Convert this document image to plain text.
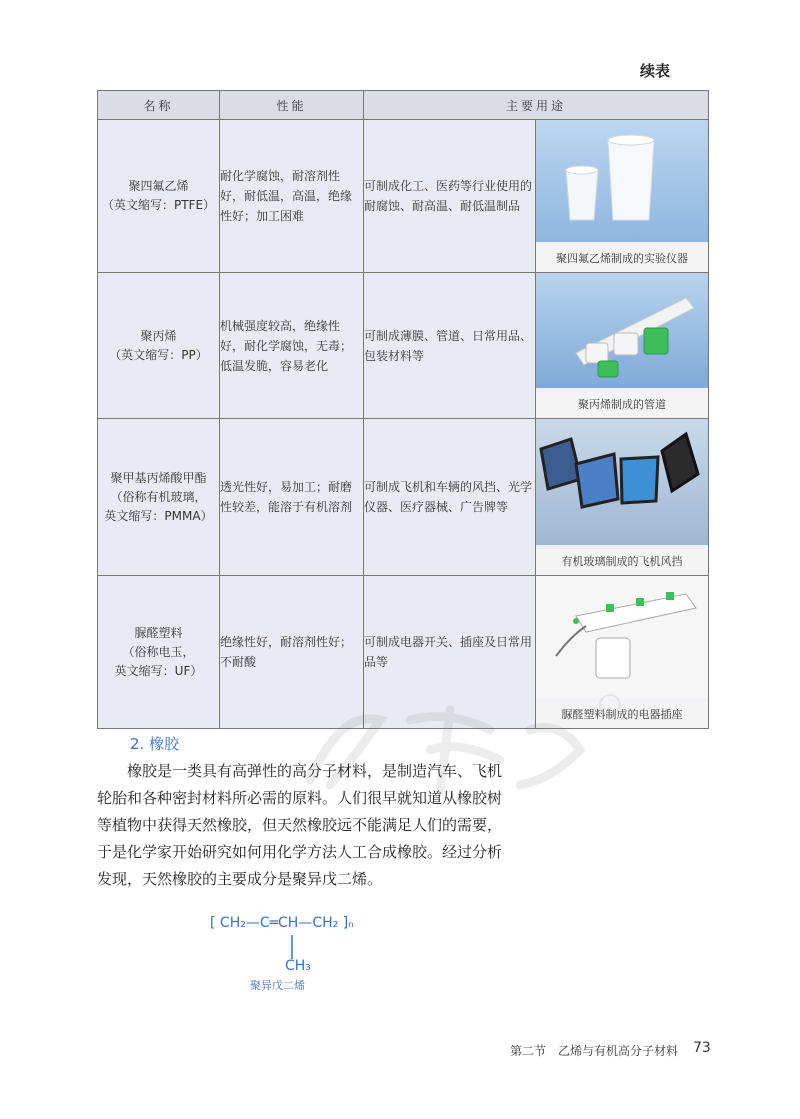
续表
名称	性能	主要用途	

聚四氟乙烯
（英文缩写：PTFE）	耐化学腐蚀，耐溶剂性好，耐低温，高温，绝缘性好；加工困难	可制成化工、医药等行业使用的耐腐蚀、耐高温、耐低温制品	聚四氟乙烯制成的实验仪器

聚丙烯
（英文缩写：PP）	机械强度较高，绝缘性好，耐化学腐蚀，无毒；低温发脆，容易老化	可制成薄膜、管道、日常用品、包装材料等	聚丙烯制成的管道

聚甲基丙烯酸甲酯
（俗称有机玻璃，
英文缩写：PMMA）	透光性好，易加工；耐磨性较差，能溶于有机溶剂	可制成飞机和车辆的风挡、光学仪器、医疗器械、广告牌等	有机玻璃制成的飞机风挡

脲醛塑料
（俗称电玉，
英文缩写：UF）	绝缘性好，耐溶剂性好；不耐酸	可制成电器开关、插座及日常用品等	脲醛塑料制成的电器插座
2. 橡胶
橡胶是一类具有高弹性的高分子材料，是制造汽车、飞机轮胎和各种密封材料所必需的原料。人们很早就知道从橡胶树等植物中获得天然橡胶，但天然橡胶远不能满足人们的需要，于是化学家开始研究如何用化学方法人工合成橡胶。经过分析发现，天然橡胶的主要成分是聚异戊二烯。
[ CH₂—C═CH—CH₂ ]ₙ
CH₃
聚异戊二烯
第二节　乙烯与有机高分子材料 73
